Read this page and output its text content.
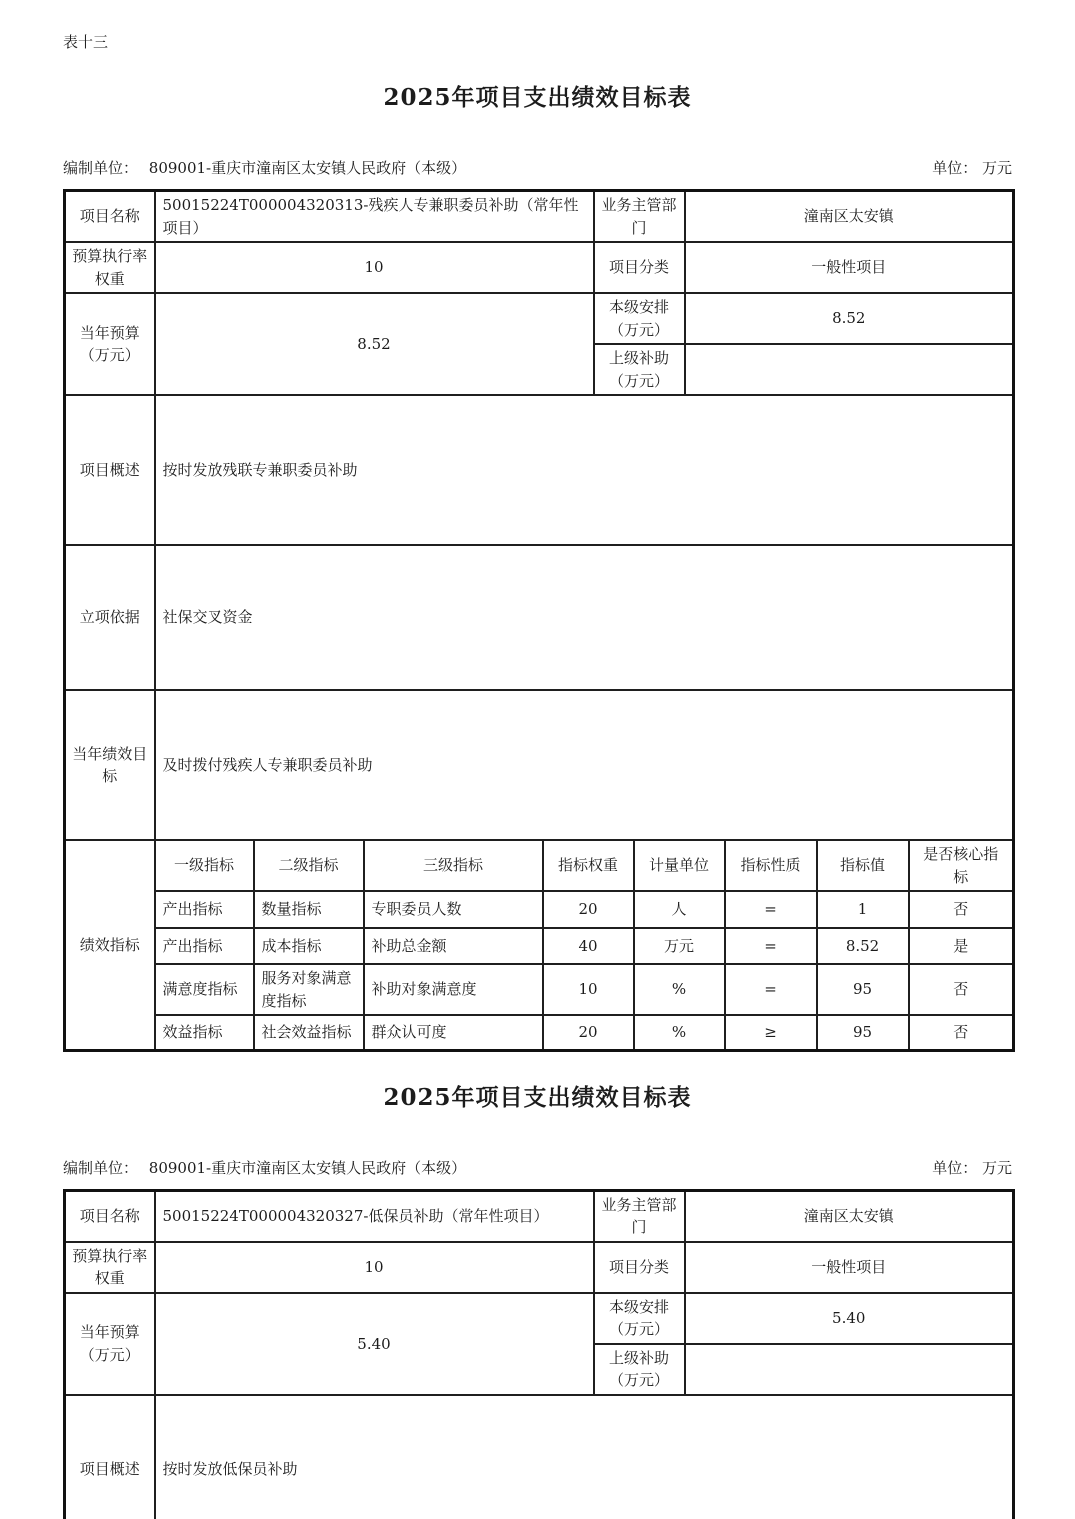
表十三
2025年项目支出绩效目标表
编制单位： 809001-重庆市潼南区太安镇人民政府（本级）	单位： 万元
项目名称	50015224T000004320313-残疾人专兼职委员补助（常年性项目）				业务主管部门		潼南区太安镇			
预算执行率权重	10				项目分类		一般性项目			
当年预算（万元）	8.52				本级安排（万元）		8.52			
					上级补助（万元）					
项目概述	按时发放残联专兼职委员补助									
立项依据	社保交叉资金									
当年绩效目标	及时拨付残疾人专兼职委员补助									
绩效指标	一级指标	二级指标	三级指标	指标权重		计量单位		指标性质	指标值	是否核心指标
	产出指标	数量指标	专职委员人数	20		人		=	1	否
	产出指标	成本指标	补助总金额	40		万元		=	8.52	是
	满意度指标	服务对象满意度指标	补助对象满意度	10		%		=	95	否
	效益指标	社会效益指标	群众认可度	20		%		≥	95	否
2025年项目支出绩效目标表
编制单位： 809001-重庆市潼南区太安镇人民政府（本级）	单位： 万元
项目名称	50015224T000004320327-低保员补助（常年性项目）	业务主管部门	潼南区太安镇
预算执行率权重	10	项目分类	一般性项目
当年预算（万元）	5.40	本级安排（万元）	5.40
		上级补助（万元）	
项目概述	按时发放低保员补助		
